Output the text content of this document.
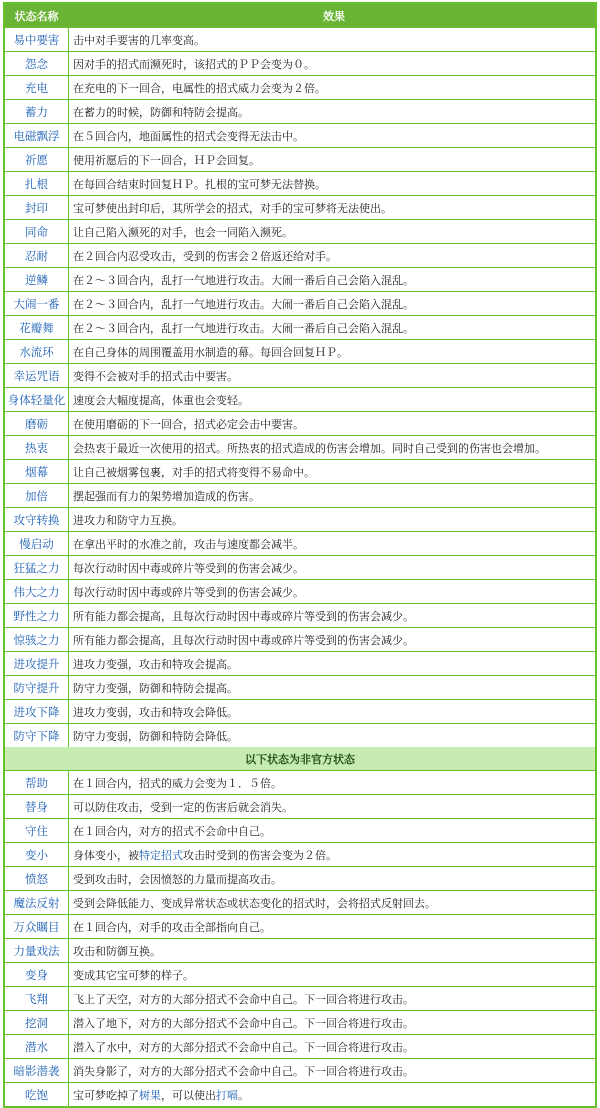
状态名称	效果
易中要害	击中对手要害的几率变高。
怨念	因对手的招式而濒死时，该招式的ＰＰ会变为０。
充电	在充电的下一回合，电属性的招式威力会变为２倍。
蓄力	在蓄力的时候，防御和特防会提高。
电磁飘浮	在５回合内，地面属性的招式会变得无法击中。
祈愿	使用祈愿后的下一回合，ＨＰ会回复。
扎根	在每回合结束时回复ＨＰ。扎根的宝可梦无法替换。
封印	宝可梦使出封印后，其所学会的招式，对手的宝可梦将无法使出。
同命	让自己陷入濒死的对手，也会一同陷入濒死。
忍耐	在２回合内忍受攻击，受到的伤害会２倍返还给对手。
逆鳞	在２～３回合内，乱打一气地进行攻击。大闹一番后自己会陷入混乱。
大闹一番	在２～３回合内，乱打一气地进行攻击。大闹一番后自己会陷入混乱。
花瓣舞	在２～３回合内，乱打一气地进行攻击。大闹一番后自己会陷入混乱。
水流环	在自己身体的周围覆盖用水制造的幕。每回合回复ＨＰ。
幸运咒语	变得不会被对手的招式击中要害。
身体轻量化 速度会大幅度提高，体重也会变轻。
磨砺	在使用磨砺的下一回合，招式必定会击中要害。
热衷	会热衷于最近一次使用的招式。所热衷的招式造成的伤害会增加。同时自己受到的伤害也会增加。
烟幕	让自己被烟雾包裹，对手的招式将变得不易命中。
加倍	摆起强而有力的架势增加造成的伤害。
攻守转换	进攻力和防守力互换。
慢启动	在拿出平时的水准之前，攻击与速度都会减半。
狂猛之力	每次行动时因中毒或碎片等受到的伤害会减少。
伟大之力	每次行动时因中毒或碎片等受到的伤害会减少。
野性之力	所有能力都会提高，且每次行动时因中毒或碎片等受到的伤害会减少。
惊骇之力	所有能力都会提高，且每次行动时因中毒或碎片等受到的伤害会减少。
进攻提升	进攻力变强，攻击和特攻会提高。
防守提升	防守力变强，防御和特防会提高。
进攻下降	进攻力变弱，攻击和特攻会降低。
防守下降	防守力变弱，防御和特防会降低。
以下状态为非官方状态
帮助	在１回合内，招式的威力会变为１．５倍。
替身	可以防住攻击，受到一定的伤害后就会消失。
守住	在１回合内，对方的招式不会命中自己。
变小	身体变小，被 特定招式 攻击时受到的伤害会变为２倍。
愤怒	受到攻击时，会因愤怒的力量而提高攻击。
魔法反射	受到会降低能力、变成异常状态或状态变化的招式时，会将招式反射回去。
万众瞩目	在１回合内，对手的攻击全部指向自己。
力量戏法	攻击和防御互换。
变身	变成其它宝可梦的样子。
飞翔	飞上了天空，对方的大部分招式不会命中自己。下一回合将进行攻击。
挖洞	潜入了地下，对方的大部分招式不会命中自己。下一回合将进行攻击。
潜水	潜入了水中，对方的大部分招式不会命中自己。下一回合将进行攻击。
暗影潜袭	消失身影了，对方的大部分招式不会命中自己。下一回合将进行攻击。
吃饱	宝可梦吃掉了 树果 ，可以使出 打嗝 。
